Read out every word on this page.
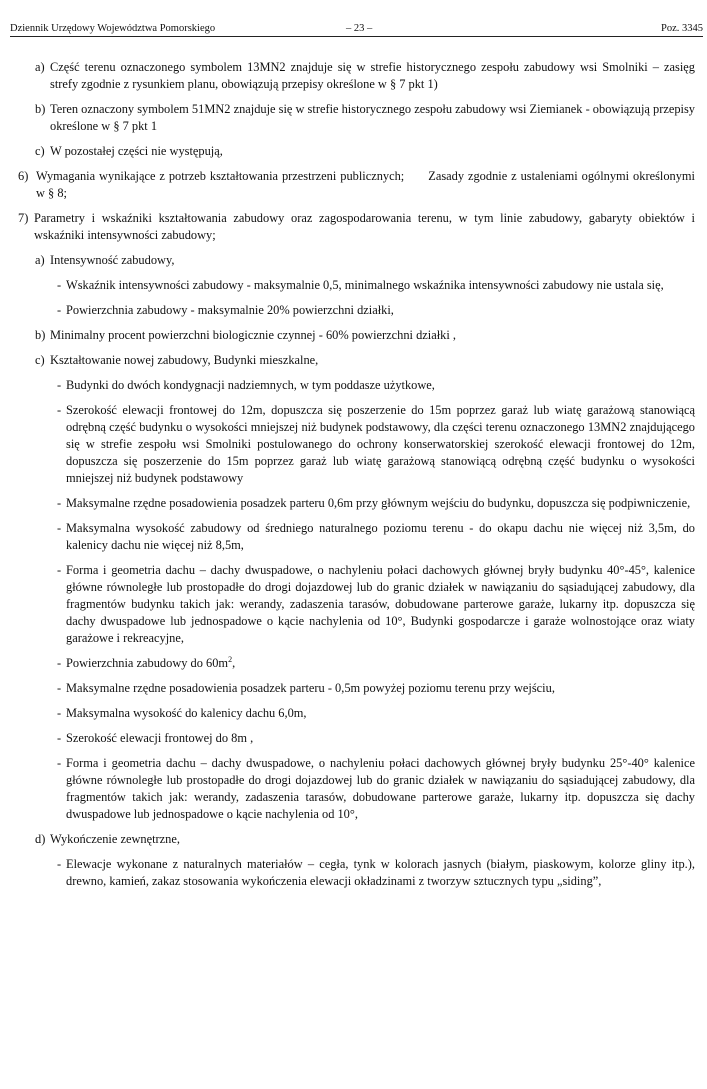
Dziennik Urzędowy Województwa Pomorskiego	– 23 –	Poz. 3345
a) Część terenu oznaczonego symbolem 13MN2 znajduje się w strefie historycznego zespołu zabudowy wsi Smolniki – zasięg strefy zgodnie z rysunkiem planu, obowiązują przepisy określone w § 7 pkt 1)
b) Teren oznaczony symbolem 51MN2 znajduje się w strefie historycznego zespołu zabudowy wsi Ziemianek - obowiązują przepisy określone w § 7 pkt 1
c) W pozostałej części nie występują,
6) Wymagania wynikające z potrzeb kształtowania przestrzeni publicznych; Zasady zgodnie z ustaleniami ogólnymi określonymi w § 8;
7) Parametry i wskaźniki kształtowania zabudowy oraz zagospodarowania terenu, w tym linie zabudowy, gabaryty obiektów i wskaźniki intensywności zabudowy;
a) Intensywność zabudowy,
- Wskaźnik intensywności zabudowy - maksymalnie 0,5, minimalnego wskaźnika intensywności zabudowy nie ustala się,
- Powierzchnia zabudowy - maksymalnie 20% powierzchni działki,
b) Minimalny procent powierzchni biologicznie czynnej - 60% powierzchni działki ,
c) Kształtowanie nowej zabudowy, Budynki mieszkalne,
- Budynki do dwóch kondygnacji nadziemnych, w tym poddasze użytkowe,
- Szerokość elewacji frontowej do 12m, dopuszcza się poszerzenie do 15m poprzez garaż lub wiatę garażową stanowiącą odrębną część budynku o wysokości mniejszej niż budynek podstawowy, dla części terenu oznaczonego 13MN2 znajdującego się w strefie zespołu wsi Smolniki postulowanego do ochrony konserwatorskiej szerokość elewacji frontowej do 12m, dopuszcza się poszerzenie do 15m poprzez garaż lub wiatę garażową stanowiącą odrębną część budynku o wysokości mniejszej niż budynek podstawowy
- Maksymalne rzędne posadowienia posadzek parteru 0,6m przy głównym wejściu do budynku, dopuszcza się podpiwniczenie,
- Maksymalna wysokość zabudowy od średniego naturalnego poziomu terenu - do okapu dachu nie więcej niż 3,5m, do kalenicy dachu nie więcej niż 8,5m,
- Forma i geometria dachu – dachy dwuspadowe, o nachyleniu połaci dachowych głównej bryły budynku 40°-45°, kalenice główne równoległe lub prostopadłe do drogi dojazdowej lub do granic działek w nawiązaniu do sąsiadującej zabudowy, dla fragmentów budynku takich jak: werandy, zadaszenia tarasów, dobudowane parterowe garaże, lukarny itp. dopuszcza się dachy dwuspadowe lub jednospadowe o kącie nachylenia od 10°, Budynki gospodarcze i garaże wolnostojące oraz wiaty garażowe i rekreacyjne,
- Powierzchnia zabudowy do $60m^2$,
- Maksymalne rzędne posadowienia posadzek parteru - 0,5m powyżej poziomu terenu przy wejściu,
- Maksymalna wysokość do kalenicy dachu 6,0m,
- Szerokość elewacji frontowej do 8m ,
- Forma i geometria dachu – dachy dwuspadowe, o nachyleniu połaci dachowych głównej bryły budynku 25°-40° kalenice główne równoległe lub prostopadłe do drogi dojazdowej lub do granic działek w nawiązaniu do sąsiadującej zabudowy, dla fragmentów takich jak: werandy, zadaszenia tarasów, dobudowane parterowe garaże, lukarny itp. dopuszcza się dachy dwuspadowe lub jednospadowe o kącie nachylenia od 10°,
d) Wykończenie zewnętrzne,
- Elewacje wykonane z naturalnych materiałów – cegła, tynk w kolorach jasnych (białym, piaskowym, kolorze gliny itp.), drewno, kamień, zakaz stosowania wykończenia elewacji okładzinami z tworzyw sztucznych typu „siding”,
